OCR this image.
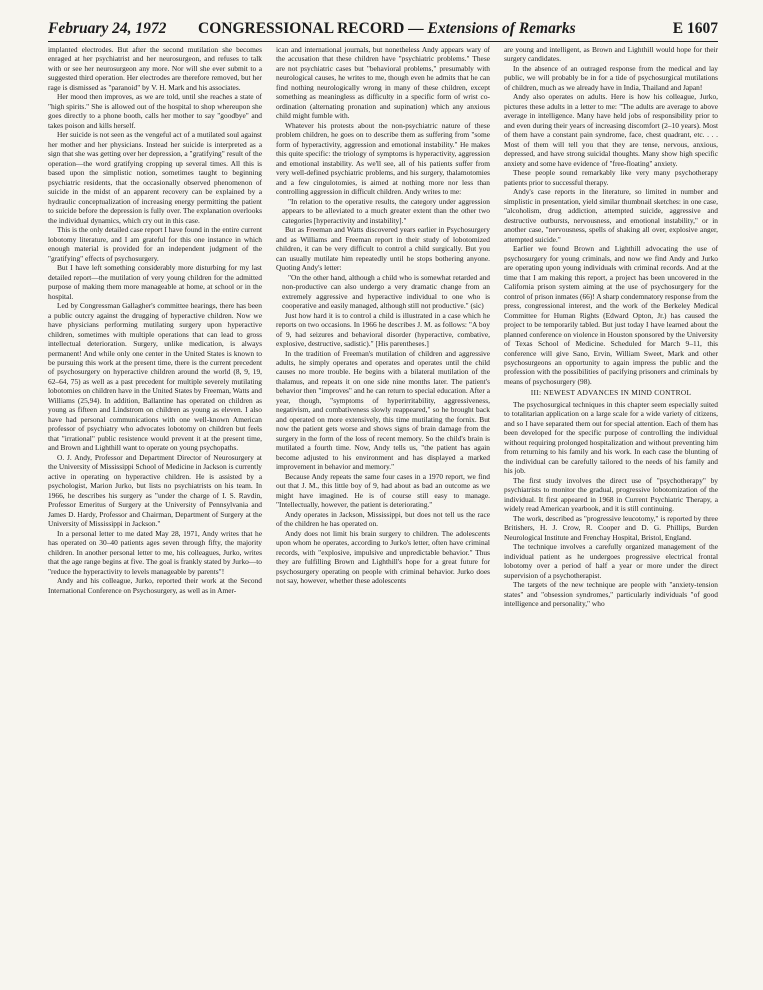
February 24, 1972 CONGRESSIONAL RECORD — Extensions of Remarks	E 1607

implanted electrodes. But after the second mutilation she becomes enraged at her psychiatrist and her neurosurgeon, and refuses to talk with or see her neurosurgeon any more. Nor will she ever submit to a suggested third operation. Her electrodes are therefore removed, but her rage is dismissed as "paranoid" by V. H. Mark and his associates.

Her mood then improves, as we are told, until she reaches a state of "high spirits." She is allowed out of the hospital to shop whereupon she goes directly to a phone booth, calls her mother to say "goodbye" and takes poison and kills herself.

Her suicide is not seen as the vengeful act of a mutilated soul against her mother and her physicians. Instead her suicide is interpreted as a sign that she was getting over her depression, a "gratifying" result of the operation—the word gratifying cropping up several times. All this is based upon the simplistic notion, sometimes taught to beginning psychiatric residents, that the occasionally observed phenomenon of suicide in the midst of an apparent recovery can be explained by a hydraulic conceptualization of increasing energy permitting the patient to suicide before the depression is fully over. The explanation overlooks the individual dynamics, which cry out in this case.

This is the only detailed case report I have found in the entire current lobotomy literature, and I am grateful for this one instance in which enough material is provided for an independent judgment of the "gratifying" effects of psychosurgery.

But I have left something considerably more disturbing for my last detailed report—the mutilation of very young children for the admitted purpose of making them more manageable at home, at school or in the hospital.

Led by Congressman Gallagher's committee hearings, there has been a public outcry against the drugging of hyperactive children. Now we have physicians performing mutilating surgery upon hyperactive children, sometimes with multiple operations that can lead to gross intellectual deterioration. Surgery, unlike medication, is always permanent! And while only one center in the United States is known to be pursuing this work at the present time, there is the current precedent of psychosurgery on hyperactive children around the world (8, 9, 19, 62–64, 75) as well as a past precedent for multiple severely mutilating lobotomies on children have in the United States by Freeman, Watts and Williams (25,94). In addition, Ballantine has operated on children as young as fifteen and Lindstrom on children as young as eleven. I also have had personal communications with one well-known American professor of psychiatry who advocates lobotomy on children but feels that "irrational" public resistence would prevent it at the present time, and Brown and Lighthill want to operate on young psychopaths.

O. J. Andy, Professor and Department Director of Neurosurgery at the University of Mississippi School of Medicine in Jackson is currently active in operating on hyperactive children. He is assisted by a psychologist, Marion Jurko, but lists no psychiatrists on his team. In 1966, he describes his surgery as "under the charge of I. S. Ravdin, Professor Emeritus of Surgery at the University of Pennsylvania and James D. Hardy, Professor and Chairman, Department of Surgery at the University of Mississippi in Jackson."

In a personal letter to me dated May 28, 1971, Andy writes that he has operated on 30–40 patients ages seven through fifty, the majority children. In another personal letter to me, his colleagues, Jurko, writes that the age range begins at five. The goal is frankly stated by Jurko—to "reduce the hyperactivity to levels manageable by parents"!

Andy and his colleague, Jurko, reported their work at the Second International Conference on Psychosurgery, as well as in Amer-

ican and international journals, but nonetheless Andy appears wary of the accusation that these children have "psychiatric problems." These are not psychiatric cases but "behavioral problems," presumably with neurological causes, he writes to me, though even he admits that he can find nothing neurologically wrong in many of these children, except something as meaningless as difficulty in a specific form of wrist co-ordination (alternating pronation and supination) which any anxious child might fumble with.

Whatever his protests about the non-psychiatric nature of these problem children, he goes on to describe them as suffering from "some form of hyperactivity, aggression and emotional instability." He makes this quite specific: the triology of symptoms is hyperactivity, aggression and emotional instability. As we'll see, all of his patients suffer from very well-defined psychiatric problems, and his surgery, thalamotomies and a few cingulotomies, is aimed at nothing more nor less than controlling aggression in difficult children. Andy writes to me:

"In relation to the operative results, the category under aggression appears to be alleviated to a much greater extent than the other two categories [hyperactivity and instability]."

But as Freeman and Watts discovered years earlier in Psychosurgery and as Williams and Freeman report in their study of lobotomized children, it can be very difficult to control a child surgically. But you can usually mutilate him repeatedly until he stops bothering anyone. Quoting Andy's letter:

"On the other hand, although a child who is somewhat retarded and non-productive can also undergo a very dramatic change from an extremely aggressive and hyperactive individual to one who is cooperative and easily managed, although still not productive." (sic)

Just how hard it is to control a child is illustrated in a case which he reports on two occasions. In 1966 he describes J. M. as follows: "A boy of 9, had seizures and behavioral disorder (hyperactive, combative, explosive, destructive, sadistic)." [His parentheses.]

In the tradition of Freeman's mutilation of children and aggressive adults, he simply operates and operates and operates until the child causes no more trouble. He begins with a bilateral mutilation of the thalamus, and repeats it on one side nine months later. The patient's behavior then "improves" and he can return to special education. After a year, though, "symptoms of hyperirritability, aggressiveness, negativism, and combativeness slowly reappeared," so he brought back and operated on more extensively, this time mutilating the fornix. But now the patient gets worse and shows signs of brain damage from the surgery in the form of the loss of recent memory. So the child's brain is mutilated a fourth time. Now, Andy tells us, "the patient has again become adjusted to his environment and has displayed a marked improvement in behavior and memory."

Because Andy repeats the same four cases in a 1970 report, we find out that J. M., this little boy of 9, had about as bad an outcome as we might have imagined. He is of course still easy to manage. "Intellectually, however, the patient is deteriorating."

Andy operates in Jackson, Mississippi, but does not tell us the race of the children he has operated on.

Andy does not limit his brain surgery to children. The adolescents upon whom he operates, according to Jurko's letter, often have criminal records, with "explosive, impulsive and unpredictable behavior." Thus they are fulfilling Brown and Lighthill's hope for a great future for psychosurgery operating on people with criminal behavior. Jurko does not say, however, whether these adolescents

are young and intelligent, as Brown and Lighthill would hope for their surgery candidates.

In the absence of an outraged response from the medical and lay public, we will probably be in for a tide of psychosurgical mutilations of children, much as we already have in India, Thailand and Japan!

Andy also operates on adults. Here is how his colleague, Jurko, pictures these adults in a letter to me: "The adults are average to above average in intelligence. Many have held jobs of responsibility prior to and even during their years of increasing discomfort (2–10 years). Most of them have a constant pain syndrome, face, chest quadrant, etc. . . . Most of them will tell you that they are tense, nervous, anxious, depressed, and have strong suicidal thoughts. Many show high specific anxiety and some have evidence of "free-floating" anxiety.

These people sound remarkably like very many psychotherapy patients prior to successful therapy.

Andy's case reports in the literature, so limited in number and simplistic in presentation, yield similar thumbnail sketches: in one case, "alcoholism, drug addiction, attempted suicide, aggressive and destructive outbursts, nervousness, and emotional instability," or in another case, "nervousness, spells of shaking all over, explosive anger, attempted suicide."

Earlier we found Brown and Lighthill advocating the use of psychosurgery for young criminals, and now we find Andy and Jurko are operating upon young individuals with criminal records. And at the time that I am making this report, a project has been uncovered in the California prison system aiming at the use of psychosurgery for the control of prison inmates (66)! A sharp condemnatory response from the press, congressional interest, and the work of the Berkeley Medical Committee for Human Rights (Edward Opton, Jr.) has caused the project to be temporarily tabled. But just today I have learned about the planned conference on violence in Houston sponsored by the University of Texas School of Medicine. Scheduled for March 9–11, this conference will give Sano, Ervin, William Sweet, Mark and other psychosurgeons an opportunity to again impress the public and the profession with the possibilities of pacifying prisoners and criminals by means of psychosurgery (98).

III: NEWEST ADVANCES IN MIND CONTROL

The psychosurgical techniques in this chapter seem especially suited to totalitarian application on a large scale for a wide variety of citizens, and so I have separated them out for special attention. Each of them has been developed for the specific purpose of controlling the individual without requiring prolonged hospitalization and without preventing him from returning to his family and his work. In each case the blunting of the individual can be carefully tailored to the needs of his family and his job.

The first study involves the direct use of "psychotherapy" by psychiatrists to monitor the gradual, progressive lobotomization of the individual. It first appeared in 1968 in Current Psychiatric Therapy, a widely read American yearbook, and it is still continuing.

The work, described as "progressive leucotomy," is reported by three Britishers, H. J. Crow, R. Cooper and D. G. Phillips, Burden Neurological Institute and Frenchay Hospital, Bristol, England.

The technique involves a carefully organized management of the individual patient as he undergoes progressive electrical frontal lobotomy over a period of half a year or more under the direct supervision of a psychotherapist.

The targets of the new technique are people with "anxiety-tension states" and "obsession syndromes," particularly individuals "of good intelligence and personality," who
